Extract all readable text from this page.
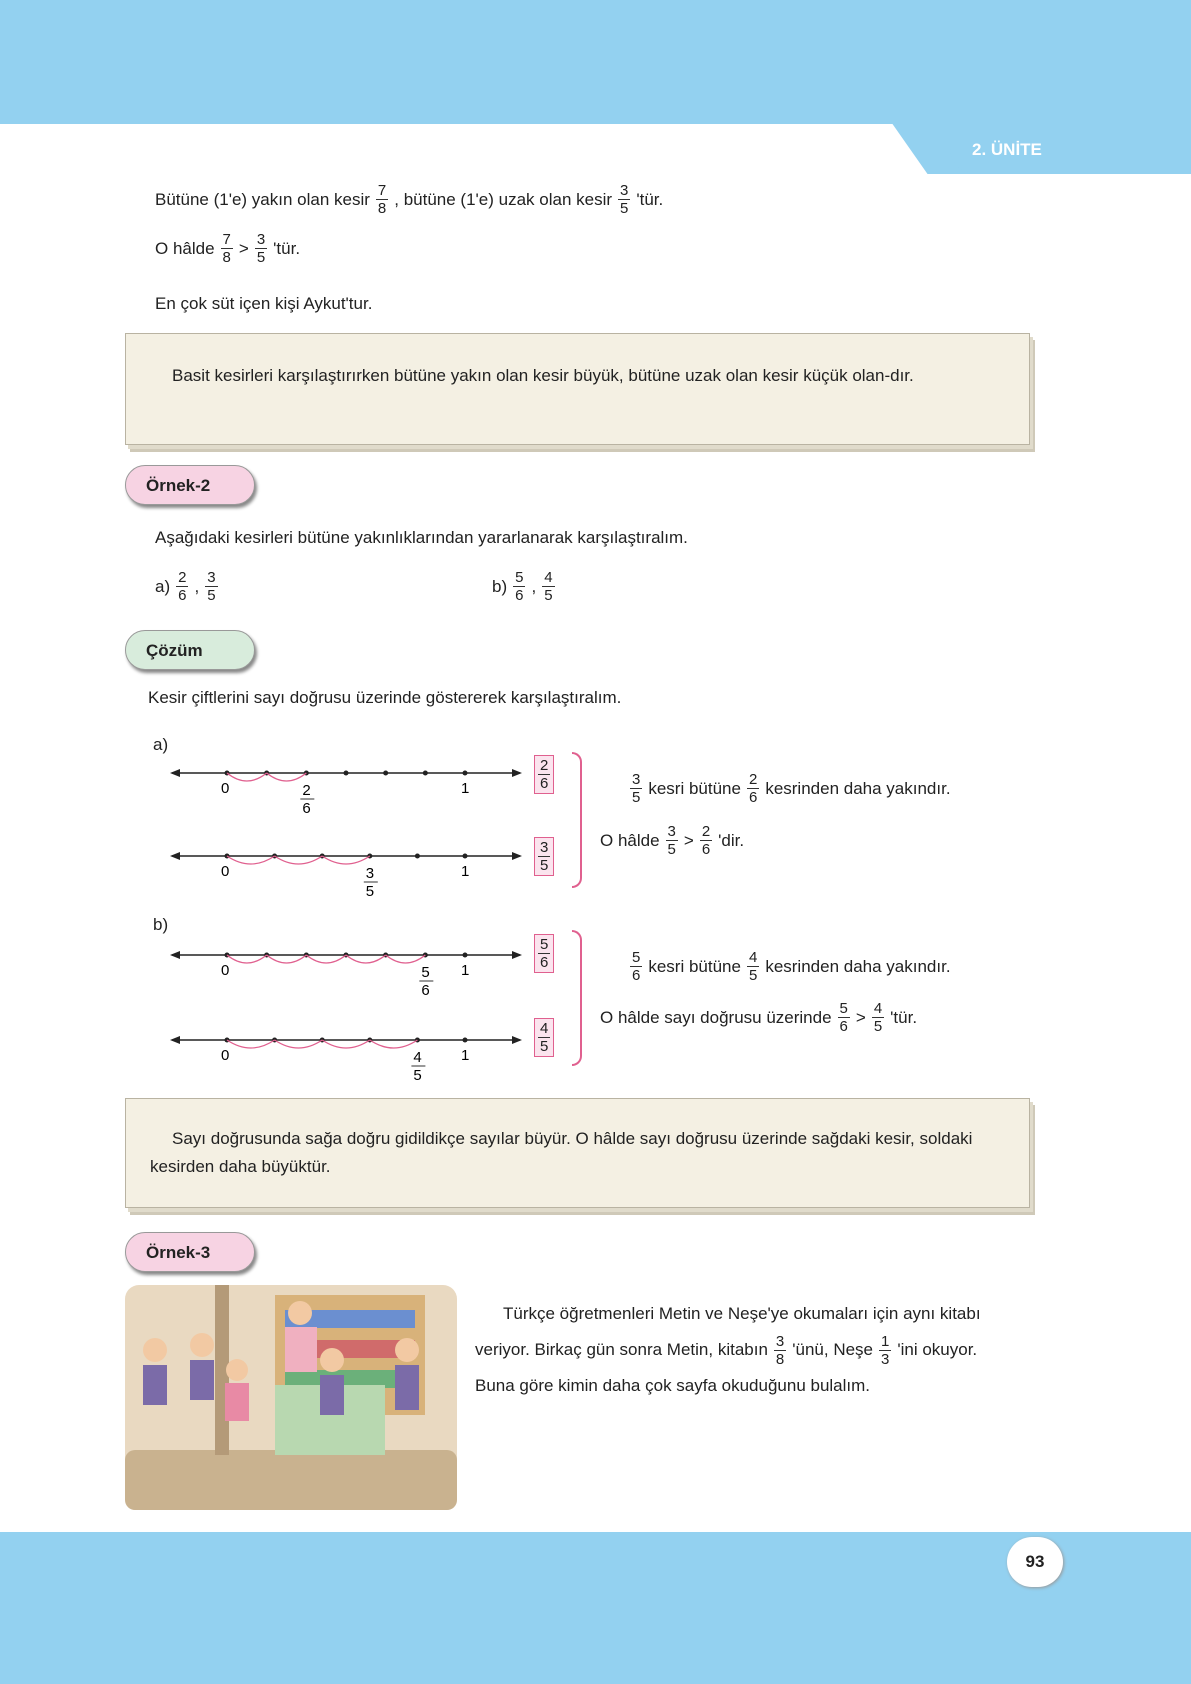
2. ÜNİTE
Bütüne (1'e) yakın olan kesir $\frac{7}{8}$ , bütüne (1'e) uzak olan kesir $\frac{3}{5}$ 'tür.
O hâlde $\frac{7}{8} > \frac{3}{5}$ 'tür.
En çok süt içen kişi Aykut'tur.
Basit kesirleri karşılaştırırken bütüne yakın olan kesir büyük, bütüne uzak olan kesir küçük olan-dır.
Örnek-2
Aşağıdaki kesirleri bütüne yakınlıklarından yararlanarak karşılaştıralım.
$a) \frac{2}{6}$ , $\frac{3}{5}$	$b) \frac{5}{6}$ , $\frac{4}{5}$
Çözüm
Kesir çiftlerini sayı doğrusu üzerinde göstererek karşılaştıralım.
a)
b)
0	1
2
6
0	1
3
5
0	1
5
6
0	1
4
5
$\frac{2}{6}$
$\frac{3}{5}$
$\frac{5}{6}$
$\frac{4}{5}$
$\frac{3}{5}$ kesri bütüne $\frac{2}{6}$ kesrinden daha yakındır.
O hâlde $\frac{3}{5} > \frac{2}{6}$ 'dir.
$\frac{5}{6}$ kesri bütüne $\frac{4}{5}$ kesrinden daha yakındır.
O hâlde sayı doğrusu üzerinde $\frac{5}{6} > \frac{4}{5}$ 'tür.
Sayı doğrusunda sağa doğru gidildikçe sayılar büyür. O hâlde sayı doğrusu üzerinde sağdaki kesir, soldaki kesirden daha büyüktür.
Örnek-3
Türkçe öğretmenleri Metin ve Neşe'ye okumaları için aynı kitabı
veriyor. Birkaç gün sonra Metin, kitabın $\frac{3}{8}$ 'ünü, Neşe $\frac{1}{3}$ 'ini okuyor.
Buna göre kimin daha çok sayfa okuduğunu bulalım.
93
